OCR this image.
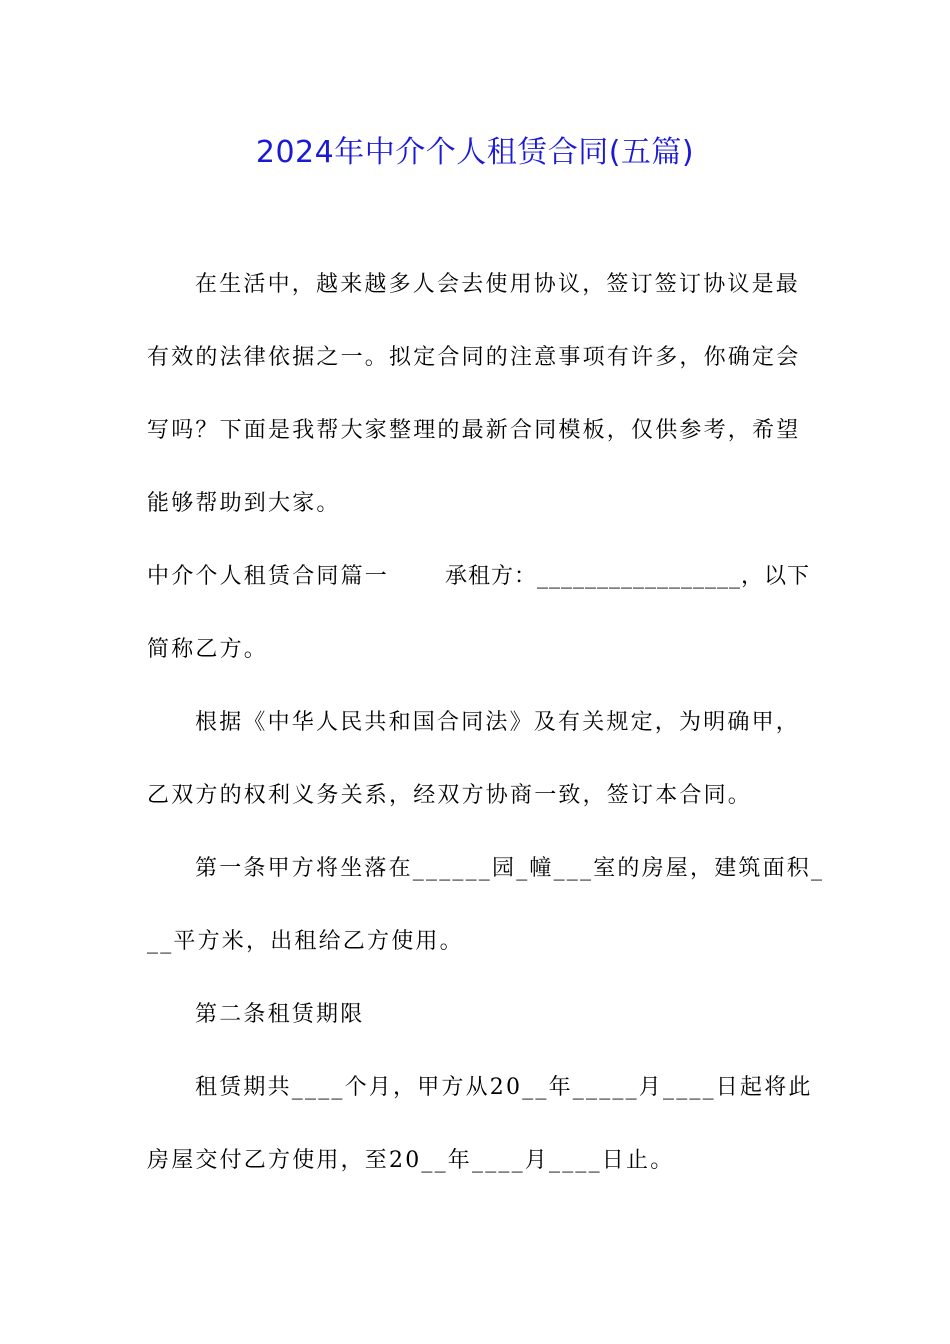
2024年中介个人租赁合同(五篇)
在生活中，越来越多人会去使用协议，签订签订协议是最
有效的法律依据之一。拟定合同的注意事项有许多，你确定会
写吗？下面是我帮大家整理的最新合同模板，仅供参考，希望
能够帮助到大家。
中介个人租赁合同篇一	承租方：_________________，以下
简称乙方。
根据《中华人民共和国合同法》及有关规定，为明确甲，
乙双方的权利义务关系，经双方协商一致，签订本合同。
第一条甲方将坐落在______园_幢___室的房屋，建筑面积_
__平方米，出租给乙方使用。
第二条租赁期限
租赁期共____个月，甲方从20__年_____月____日起将此
房屋交付乙方使用，至20__年____月____日止。
